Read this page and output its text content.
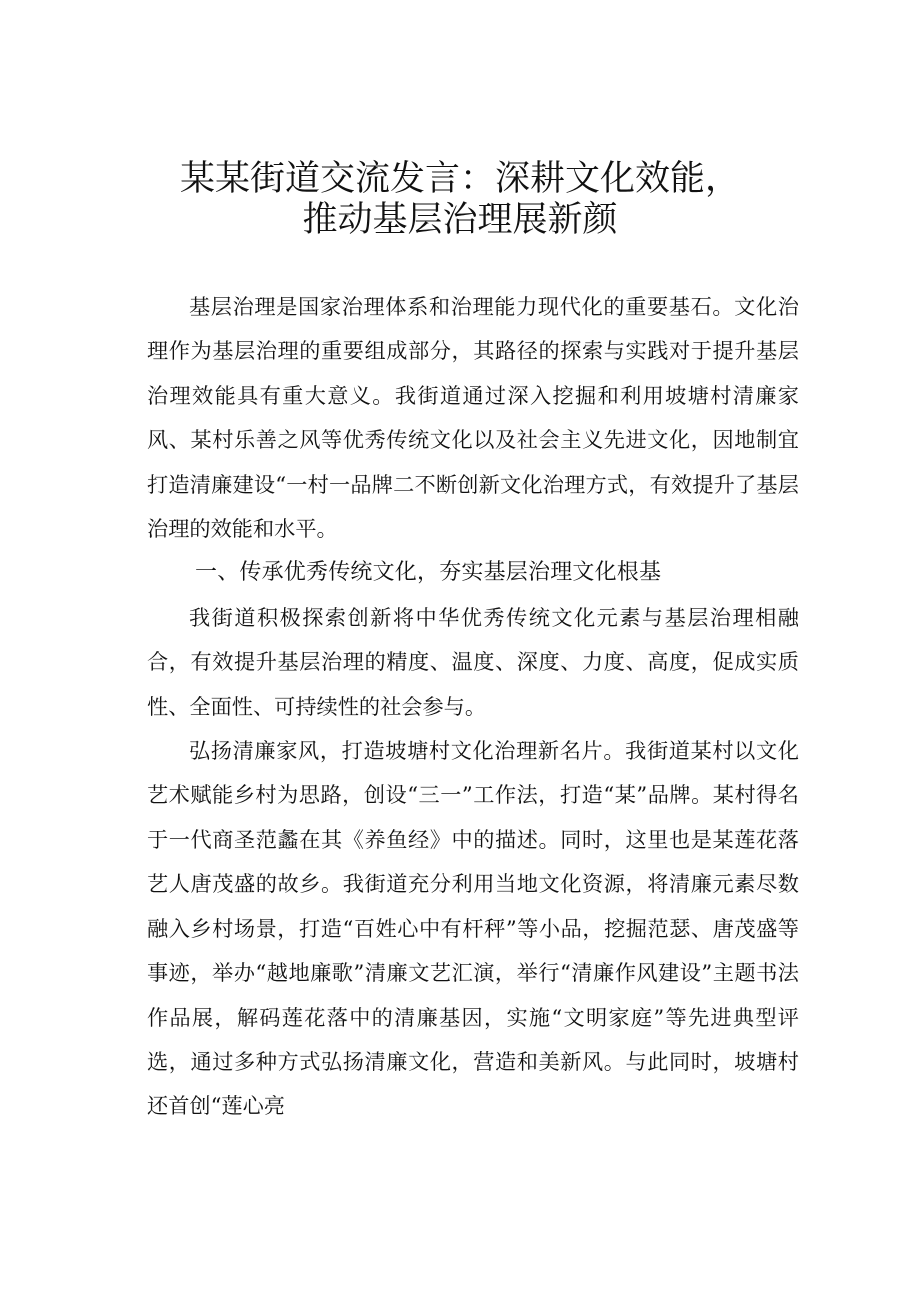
某某街道交流发言：深耕文化效能，
推动基层治理展新颜

基层治理是国家治理体系和治理能力现代化的重要基石。文化治理作为基层治理的重要组成部分，其路径的探索与实践对于提升基层治理效能具有重大意义。我街道通过深入挖掘和利用坡塘村清廉家风、某村乐善之风等优秀传统文化以及社会主义先进文化，因地制宜打造清廉建设“一村一品牌二不断创新文化治理方式，有效提升了基层治理的效能和水平。

一、传承优秀传统文化，夯实基层治理文化根基

我街道积极探索创新将中华优秀传统文化元素与基层治理相融合，有效提升基层治理的精度、温度、深度、力度、高度，促成实质性、全面性、可持续性的社会参与。

弘扬清廉家风，打造坡塘村文化治理新名片。我街道某村以文化艺术赋能乡村为思路，创设“三一”工作法，打造“某”品牌。某村得名于一代商圣范蠡在其《养鱼经》中的描述。同时，这里也是某莲花落艺人唐茂盛的故乡。我街道充分利用当地文化资源，将清廉元素尽数融入乡村场景，打造“百姓心中有杆秤”等小品，挖掘范瑟、唐茂盛等事迹，举办“越地廉歌”清廉文艺汇演，举行“清廉作风建设”主题书法作品展，解码莲花落中的清廉基因，实施“文明家庭”等先进典型评选，通过多种方式弘扬清廉文化，营造和美新风。与此同时，坡塘村还首创“莲心亮
